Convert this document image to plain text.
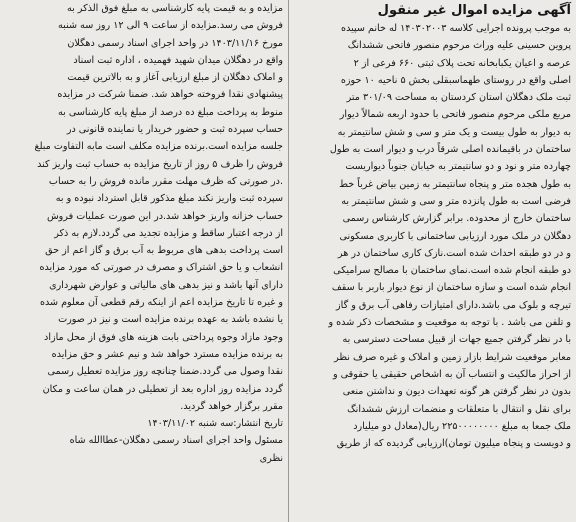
آگهی مزایده اموال غیر منقول
به موجب پرونده اجرایی کلاسه ۱۴۰۳۰۲۰۰۳ له خانم سپیده
پروین حسینی علیه وراث مرحوم منصور فاتحی ششدانگ
عرصه و اعیان یکبابخانه تحت پلاک ثبتی ۶۶۰ فرعی از ۲
اصلی واقع در روستای طهماسبقلی بخش ۵ ناحیه ۱۰ حوزه
ثبت ملک دهگلان استان کردستان به مساحت ۳۰۱/۰۹ متر
مربع ملکی مرحوم منصور فاتحی با حدود اربعه شمالاً دیوار
به دیوار به طول بیست و یک متر و سی و شش سانتیمتر به
ساختمان در باقیمانده اصلی شرقاً درب و دیوار است به طول
چهارده متر و نود و دو سانتیمتر به خیابان جنوباً دیواریست
به طول هجده متر و پنجاه سانتیمتر به زمین بیاض غرباً خط
فرضی است به طول پانزده متر و سی و شش سانتیمتر به
ساختمان خارج از محدوده. برابر گزارش کارشناس رسمی
دهگلان در ملک مورد ارزیابی ساختمانی با کاربری مسکونی
و در دو طبقه احداث شده است.نازک کاری ساختمان در هر
دو طبقه انجام شده است.نمای ساختمان با مصالح سرامیکی
انجام شده است و سازه ساختمان از نوع دیوار باربر با سقف
تیرچه و بلوک می باشد.دارای امتیازات رفاهی آب برق و گاز
و تلفن می باشد . با توجه به موقعیت و مشخصات ذکر شده و
با در نظر گرفتن جمیع جهات از قبیل مساحت دسترسی به
معابر موقعیت شرایط بازار زمین و املاک و غیره صرف نظر
از احراز مالکیت و انتساب آن به اشخاص حقیقی یا حقوقی و
بدون در نظر گرفتن هر گونه تعهدات دیون و نداشتن منعی
برای نقل و انتقال با متعلقات و منضمات ارزش ششدانگ
ملک جمعا به مبلغ ۲۲۵۰۰۰۰۰۰۰۰ ریال(معادل دو میلیارد
و دویست و پنجاه میلیون تومان)ارزیابی گردیده که از طریق
مزایده و به قیمت پایه کارشناسی به مبلغ فوق الذکر به
فروش می رسد.مزایده از ساعت ۹ الی ۱۲ روز سه شنبه
مورخ ۱۴۰۳/۱۱/۱۶ در واحد اجرای اسناد رسمی دهگلان
واقع در دهگلان میدان شهید فهمیده ، اداره ثبت اسناد
و املاک دهگلان از مبلغ ارزیابی آغاز و به بالاترین قیمت
پیشنهادی نقدا فروخته خواهد شد. ضمنا شرکت در مزایده
منوط به پرداخت مبلغ ده درصد از مبلغ پایه کارشناسی به
حساب سپرده ثبت و حضور خریدار یا نماینده قانونی در
جلسه مزایده است.برنده مزایده مکلف است مابه التفاوت مبلغ
فروش را ظرف ۵ روز از تاریخ مزایده به حساب ثبت واریز کند
.در صورتی که ظرف مهلت مقرر مانده فروش را به حساب
سپرده ثبت واریز نکند مبلغ مذکور قابل استرداد نبوده و به
حساب خزانه واریز خواهد شد.در این صورت عملیات فروش
از درجه اعتبار ساقط و مزایده تجدید می گردد.لازم به ذکر
است پرداخت بدهی های مربوط به آب برق و گاز اعم از حق
انشعاب و یا حق اشتراک و مصرف در صورتی که مورد مزایده
دارای آنها باشد و نیز بدهی های مالیاتی و عوارض شهرداری
و غیره تا تاریخ مزایده اعم از اینکه رقم قطعی آن معلوم شده
یا نشده باشد به عهده برنده مزایده است و نیز در صورت
وجود مازاد وجوه پرداختی بابت هزینه های فوق از محل مازاد
به برنده مزایده مسترد خواهد شد و نیم عشر و حق مزایده
نقدا وصول می گردد.ضمنا چنانچه روز مزایده تعطیل رسمی
گردد مزایده روز اداره بعد از تعطیلی در همان ساعت و مکان
مقرر برگزار خواهد گردید.
تاریخ انتشار:سه شنبه ۱۴۰۳/۱۱/۰۲
مسئول واحد اجرای اسناد رسمی دهگلان-عطاالله شاه
نظری
